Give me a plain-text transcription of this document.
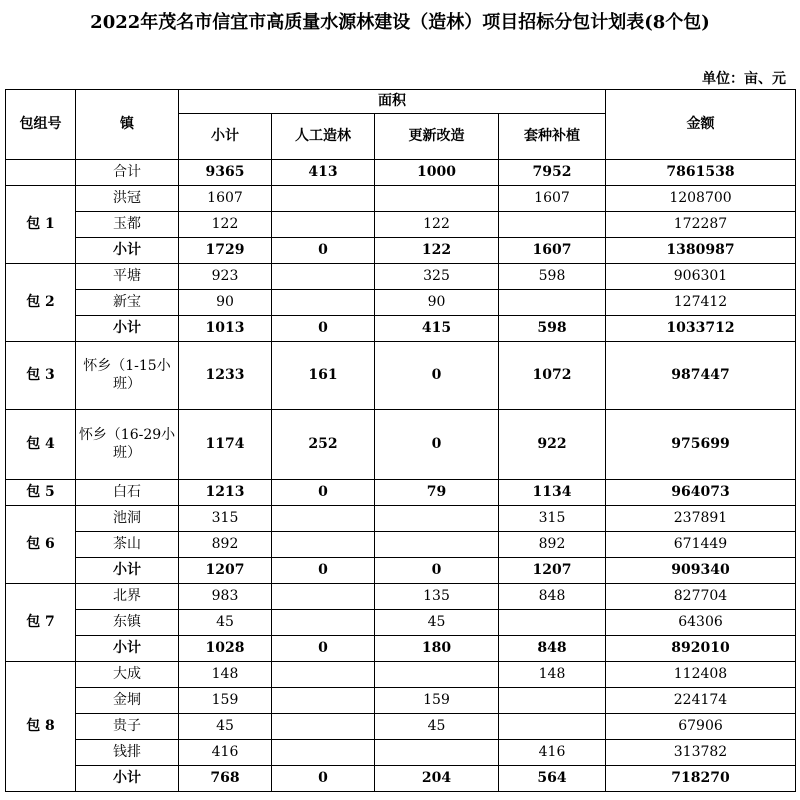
2022年茂名市信宜市高质量水源林建设（造林）项目招标分包计划表(8个包)
单位：亩、元
包组号	镇	面积				金额
		小计	人工造林	更新改造	套种补植	
	合计	9365	413	1000	7952	7861538
包 1	洪冠	1607			1607	1208700
	玉都	122		122		172287
	小计	1729	0	122	1607	1380987
包 2	平塘	923		325	598	906301
	新宝	90		90		127412
	小计	1013	0	415	598	1033712
包 3	怀乡（1-15小班）	1233	161	0	1072	987447
包 4	怀乡（16-29小班）	1174	252	0	922	975699
包 5	白石	1213	0	79	1134	964073
包 6	池洞	315			315	237891
	茶山	892			892	671449
	小计	1207	0	0	1207	909340
包 7	北界	983		135	848	827704
	东镇	45		45		64306
	小计	1028	0	180	848	892010
包 8	大成	148			148	112408
	金垌	159		159		224174
	贵子	45		45		67906
	钱排	416			416	313782
	小计	768	0	204	564	718270
